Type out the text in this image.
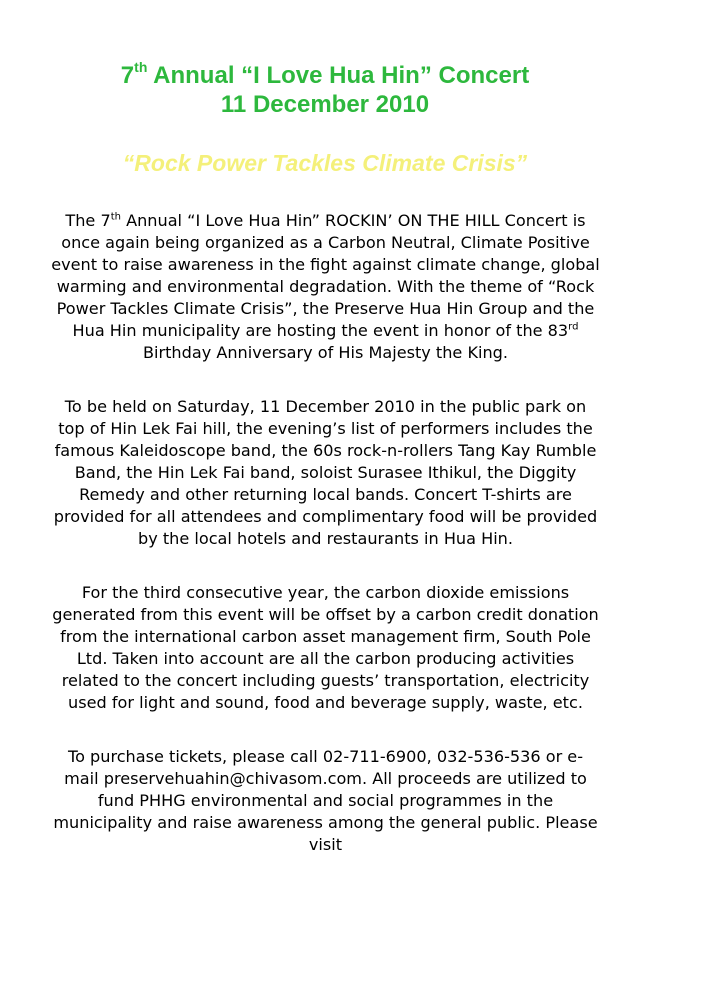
7th Annual “I Love Hua Hin” Concert
11 December 2010
“Rock Power Tackles Climate Crisis”
The 7th Annual “I Love Hua Hin” ROCKIN’ ON THE HILL Concert is
once again being organized as a Carbon Neutral, Climate Positive
event to raise awareness in the fight against climate change, global
warming and environmental degradation. With the theme of “Rock
Power Tackles Climate Crisis”, the Preserve Hua Hin Group and the
Hua Hin municipality are hosting the event in honor of the 83rd
Birthday Anniversary of His Majesty the King.
To be held on Saturday, 11 December 2010 in the public park on
top of Hin Lek Fai hill, the evening’s list of performers includes the
famous Kaleidoscope band, the 60s rock-n-rollers Tang Kay Rumble
Band, the Hin Lek Fai band, soloist Surasee Ithikul, the Diggity
Remedy and other returning local bands. Concert T-shirts are
provided for all attendees and complimentary food will be provided
by the local hotels and restaurants in Hua Hin.
For the third consecutive year, the carbon dioxide emissions
generated from this event will be offset by a carbon credit donation
from the international carbon asset management firm, South Pole
Ltd. Taken into account are all the carbon producing activities
related to the concert including guests’ transportation, electricity
used for light and sound, food and beverage supply, waste, etc.
To purchase tickets, please call 02-711-6900, 032-536-536 or e-
mail preservehuahin@chivasom.com. All proceeds are utilized to
fund PHHG environmental and social programmes in the
municipality and raise awareness among the general public. Please
visit
